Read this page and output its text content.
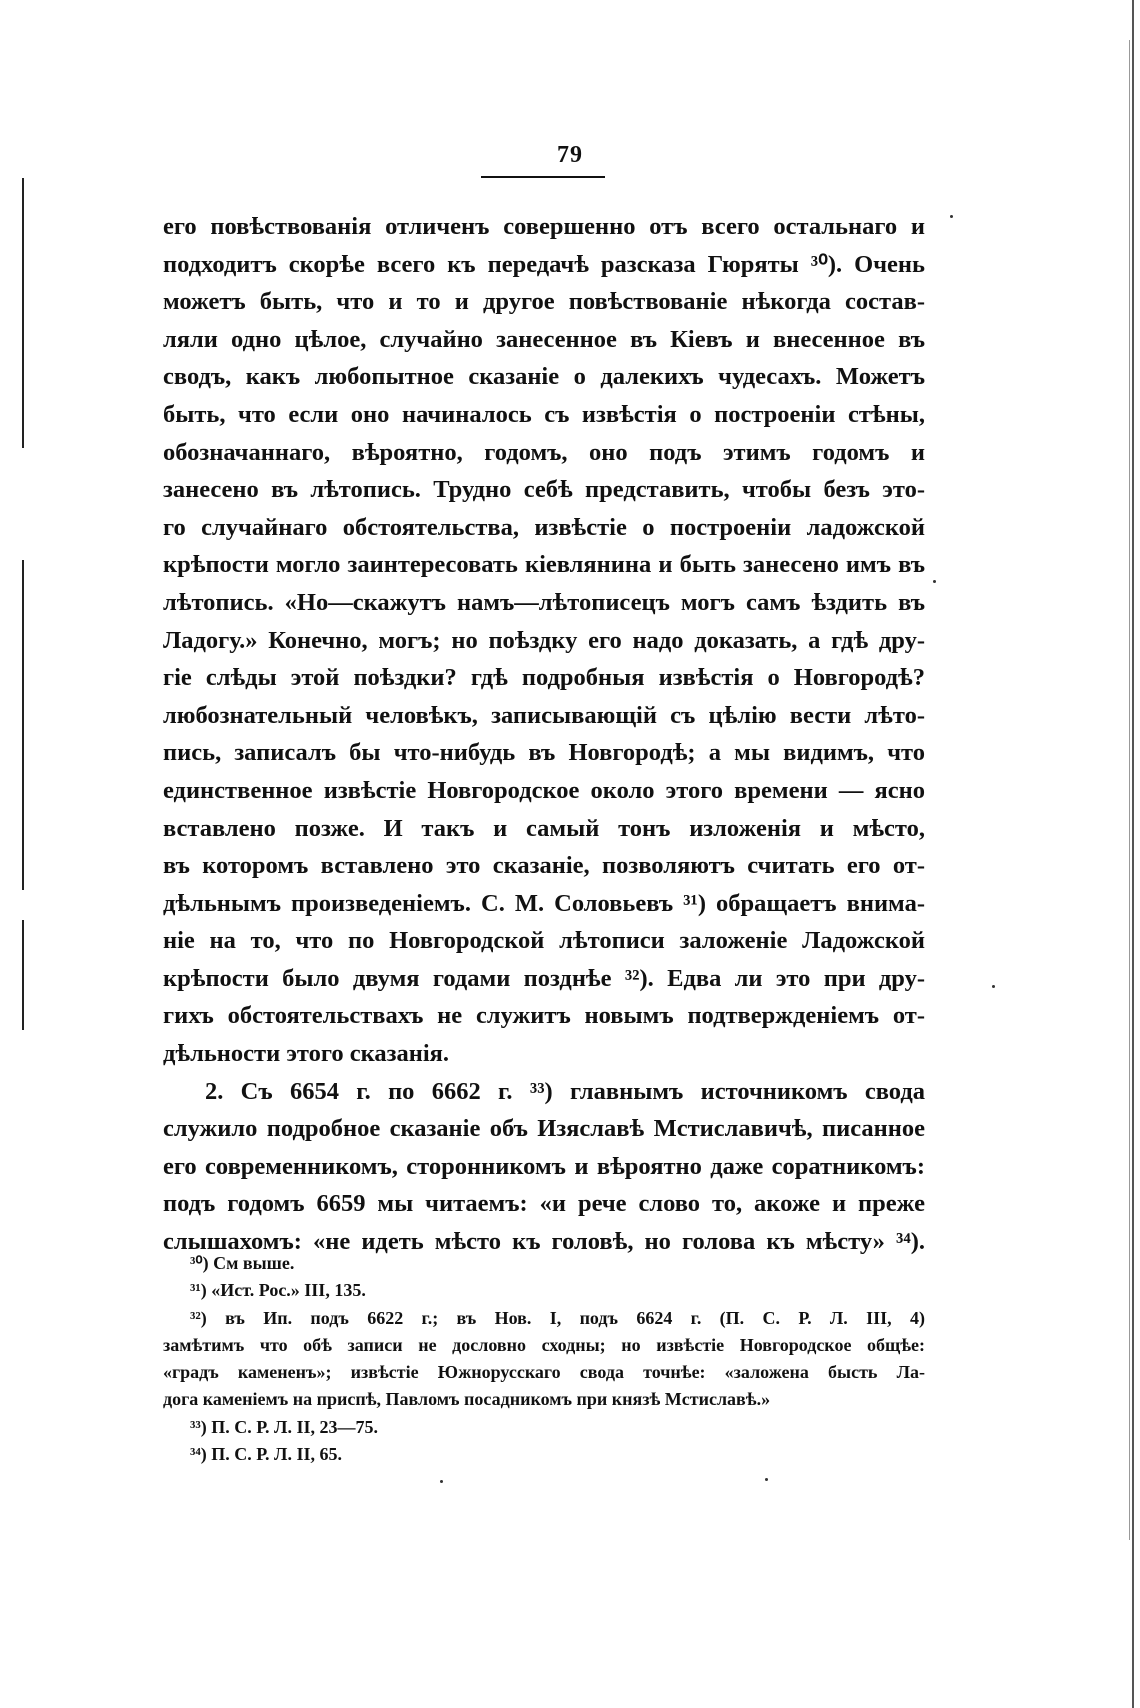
79
его повѣствованія отличенъ совершенно отъ всего остальнаго и
подходитъ скорѣе всего къ передачѣ разсказа Гюряты ³⁰). Очень
можетъ быть, что и то и другое повѣствованіе нѣкогда состав-
ляли одно цѣлое, случайно занесенное въ Кіевъ и внесенное въ
сводъ, какъ любопытное сказаніе о далекихъ чудесахъ. Можетъ
быть, что если оно начиналось съ извѣстія о построеніи стѣны,
обозначаннаго, вѣроятно, годомъ, оно подъ этимъ годомъ и
занесено въ лѣтопись. Трудно себѣ представить, чтобы безъ это-
го случайнаго обстоятельства, извѣстіе о построеніи ладожской
крѣпости могло заинтересовать кіевлянина и быть занесено имъ въ
лѣтопись. «Но—скажутъ намъ—лѣтописецъ могъ самъ ѣздить въ
Ладогу.» Конечно, могъ; но поѣздку его надо доказать, а гдѣ дру-
гіе слѣды этой поѣздки? гдѣ подробныя извѣстія о Новгородѣ?
любознательный человѣкъ, записывающій съ цѣлію вести лѣто-
пись, записалъ бы что-нибудь въ Новгородѣ; а мы видимъ, что
единственное извѣстіе Новгородское около этого времени — ясно
вставлено позже. И такъ и самый тонъ изложенія и мѣсто,
въ которомъ вставлено это сказаніе, позволяютъ считать его от-
дѣльнымъ произведеніемъ. С. М. Соловьевъ ³¹) обращаетъ внима-
ніе на то, что по Новгородской лѣтописи заложеніе Ладожской
крѣпости было двумя годами позднѣе ³²). Едва ли это при дру-
гихъ обстоятельствахъ не служитъ новымъ подтвержденіемъ от-
дѣльности этого сказанія.
2. Съ 6654 г. по 6662 г. ³³) главнымъ источникомъ свода
служило подробное сказаніе объ Изяславѣ Мстиславичѣ, писанное
его современникомъ, сторонникомъ и вѣроятно даже соратникомъ:
подъ годомъ 6659 мы читаемъ: «и рече слово то, акоже и преже
слышахомъ: «не идеть мѣсто къ головѣ, но голова къ мѣсту» ³⁴).
³⁰) См выше.
³¹) «Ист. Рос.» III, 135.
³²) въ Ип. подъ 6622 г.; въ Нов. I, подъ 6624 г. (П. С. Р. Л. III, 4)
замѣтимъ что обѣ записи не дословно сходны; но извѣстіе Новгородское общѣе:
«градъ камененъ»; извѣстіе Южнорусскаго свода точнѣе: «заложена бысть Ла-
дога каменіемъ на приспѣ, Павломъ посадникомъ при князѣ Мстиславѣ.»
³³) П. С. Р. Л. II, 23—75.
³⁴) П. С. Р. Л. II, 65.
